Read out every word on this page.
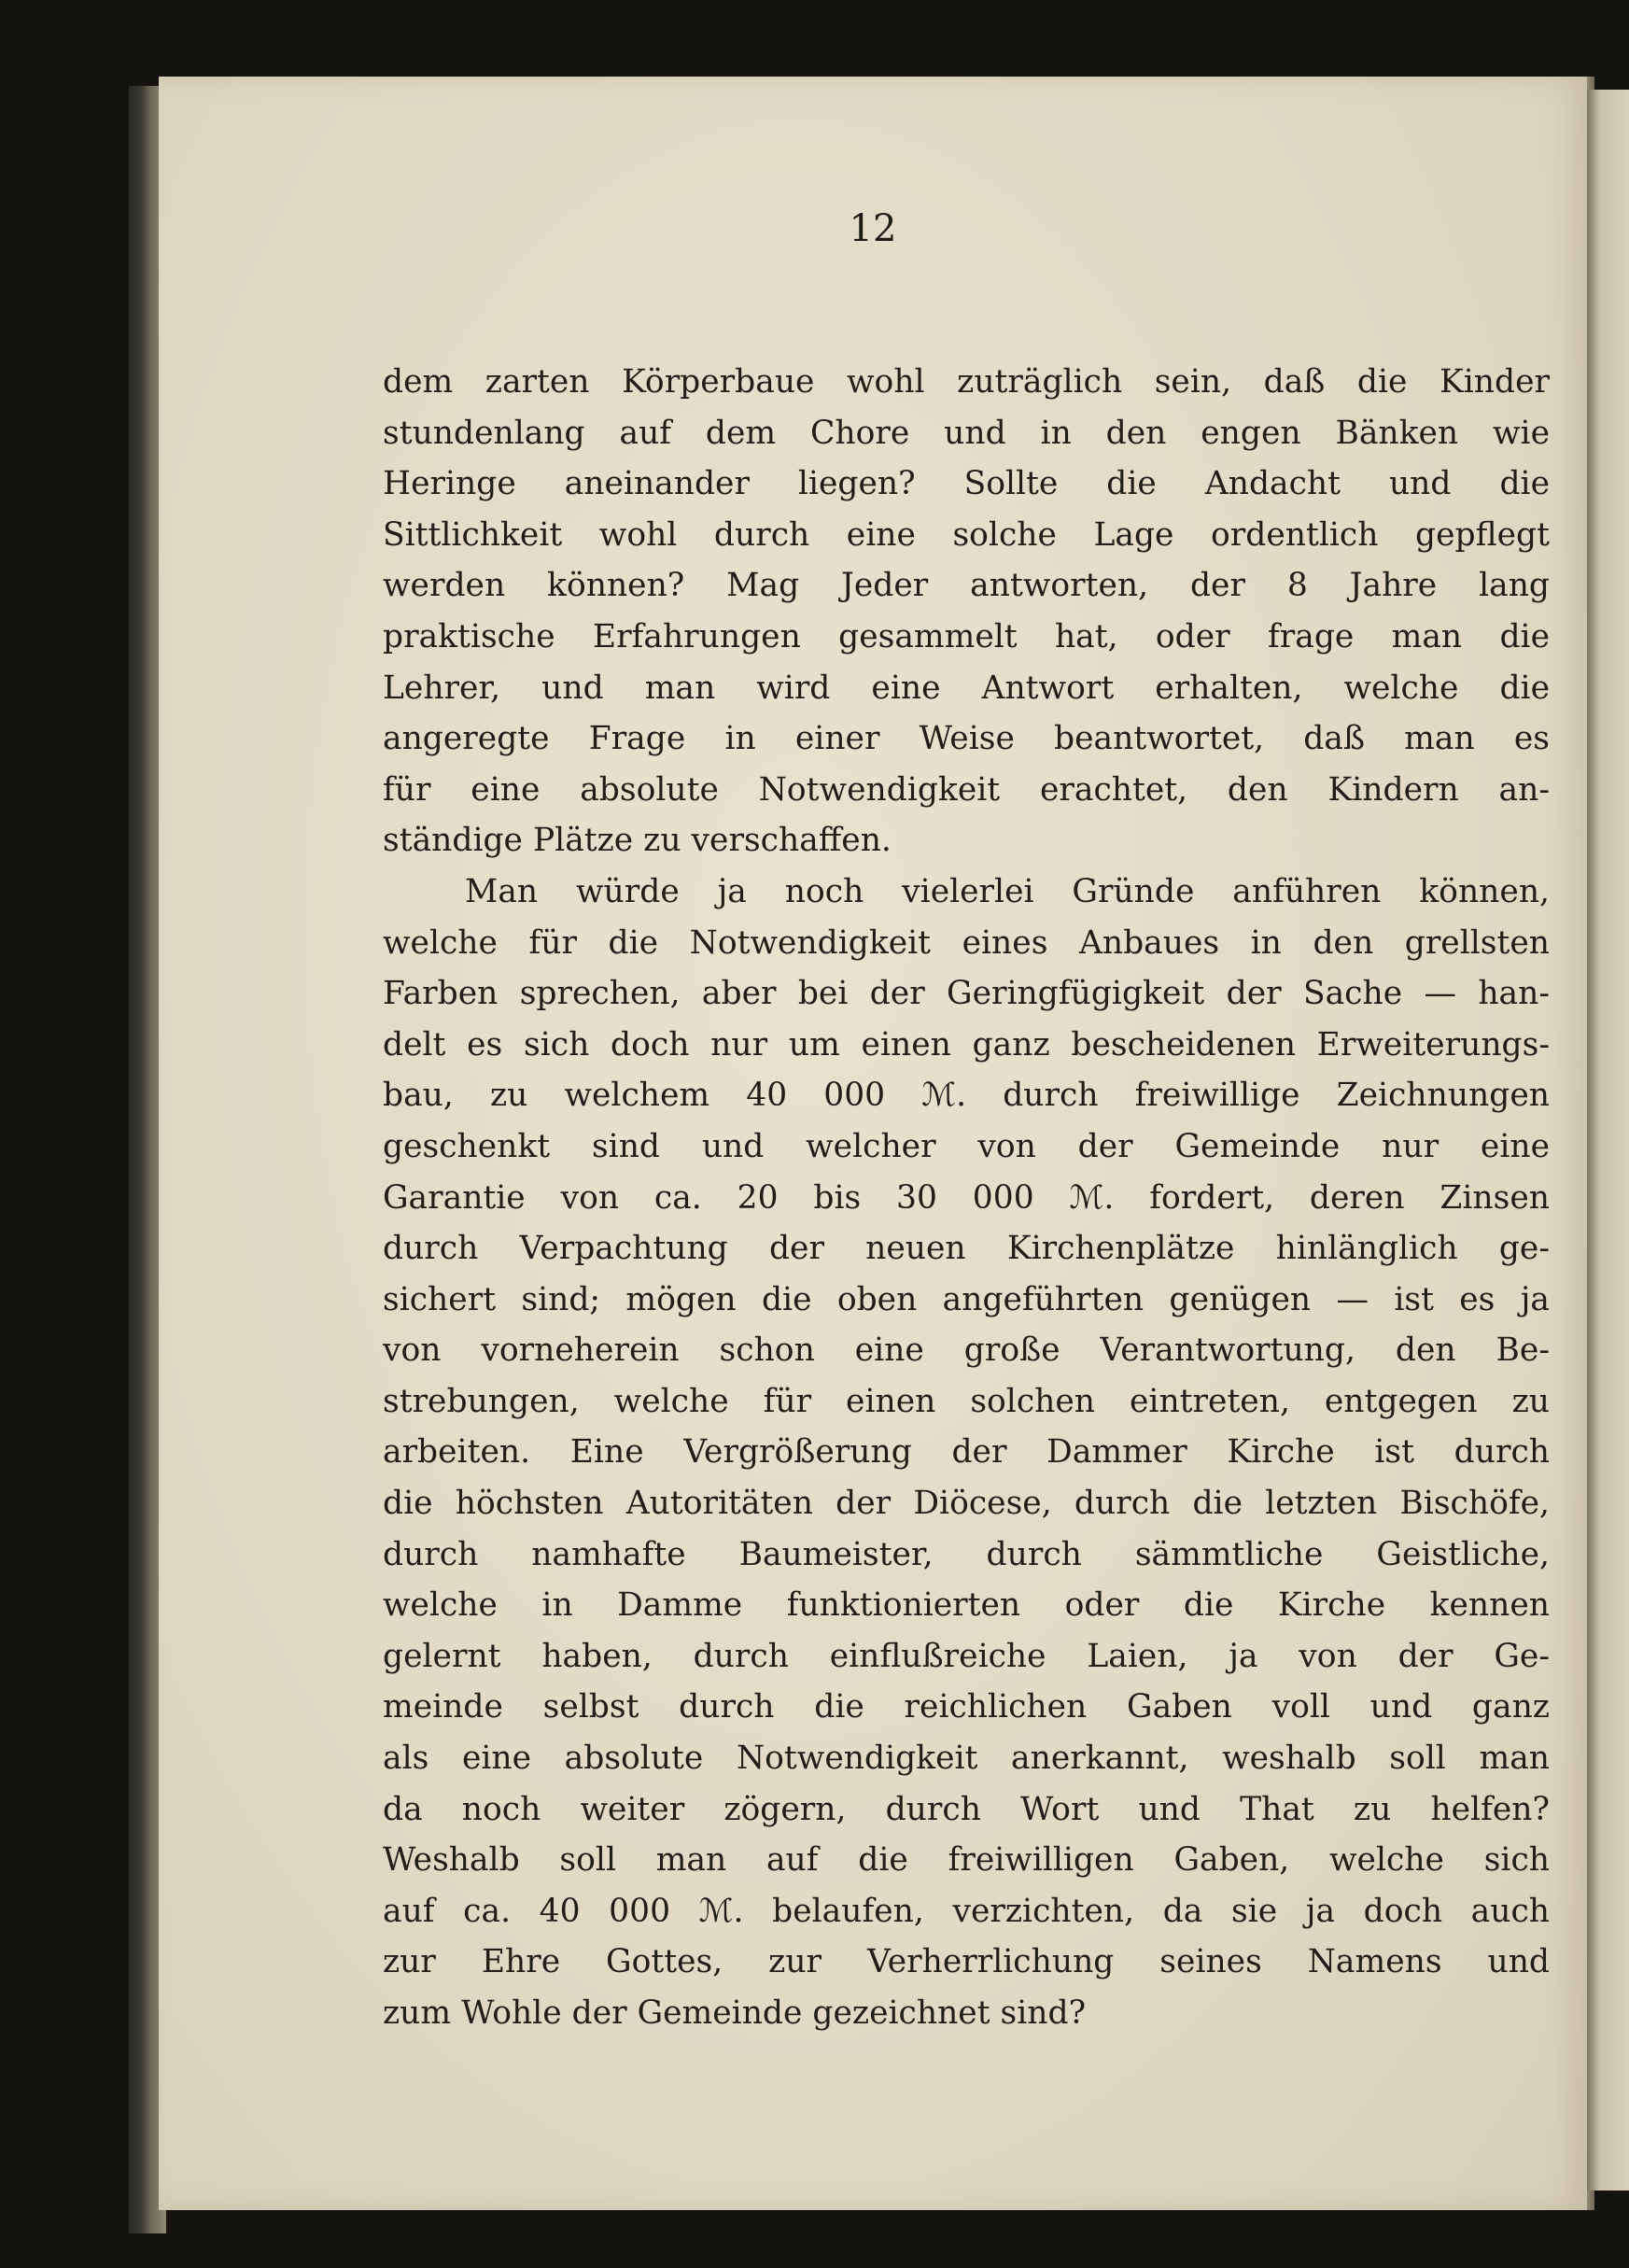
12
dem zarten Körperbaue wohl zuträglich sein, daß die Kinder
stundenlang auf dem Chore und in den engen Bänken wie
Heringe aneinander liegen? Sollte die Andacht und die
Sittlichkeit wohl durch eine solche Lage ordentlich gepflegt
werden können? Mag Jeder antworten, der 8 Jahre lang
praktische Erfahrungen gesammelt hat, oder frage man die
Lehrer, und man wird eine Antwort erhalten, welche die
angeregte Frage in einer Weise beantwortet, daß man es
für eine absolute Notwendigkeit erachtet, den Kindern an-
ständige Plätze zu verschaffen.
Man würde ja noch vielerlei Gründe anführen können,
welche für die Notwendigkeit eines Anbaues in den grellsten
Farben sprechen, aber bei der Geringfügigkeit der Sache — han-
delt es sich doch nur um einen ganz bescheidenen Erweiterungs-
bau, zu welchem 40 000 ℳ. durch freiwillige Zeichnungen
geschenkt sind und welcher von der Gemeinde nur eine
Garantie von ca. 20 bis 30 000 ℳ. fordert, deren Zinsen
durch Verpachtung der neuen Kirchenplätze hinlänglich ge-
sichert sind; mögen die oben angeführten genügen — ist es ja
von vorneherein schon eine große Verantwortung, den Be-
strebungen, welche für einen solchen eintreten, entgegen zu
arbeiten. Eine Vergrößerung der Dammer Kirche ist durch
die höchsten Autoritäten der Diöcese, durch die letzten Bischöfe,
durch namhafte Baumeister, durch sämmtliche Geistliche,
welche in Damme funktionierten oder die Kirche kennen
gelernt haben, durch einflußreiche Laien, ja von der Ge-
meinde selbst durch die reichlichen Gaben voll und ganz
als eine absolute Notwendigkeit anerkannt, weshalb soll man
da noch weiter zögern, durch Wort und That zu helfen?
Weshalb soll man auf die freiwilligen Gaben, welche sich
auf ca. 40 000 ℳ. belaufen, verzichten, da sie ja doch auch
zur Ehre Gottes, zur Verherrlichung seines Namens und
zum Wohle der Gemeinde gezeichnet sind?
